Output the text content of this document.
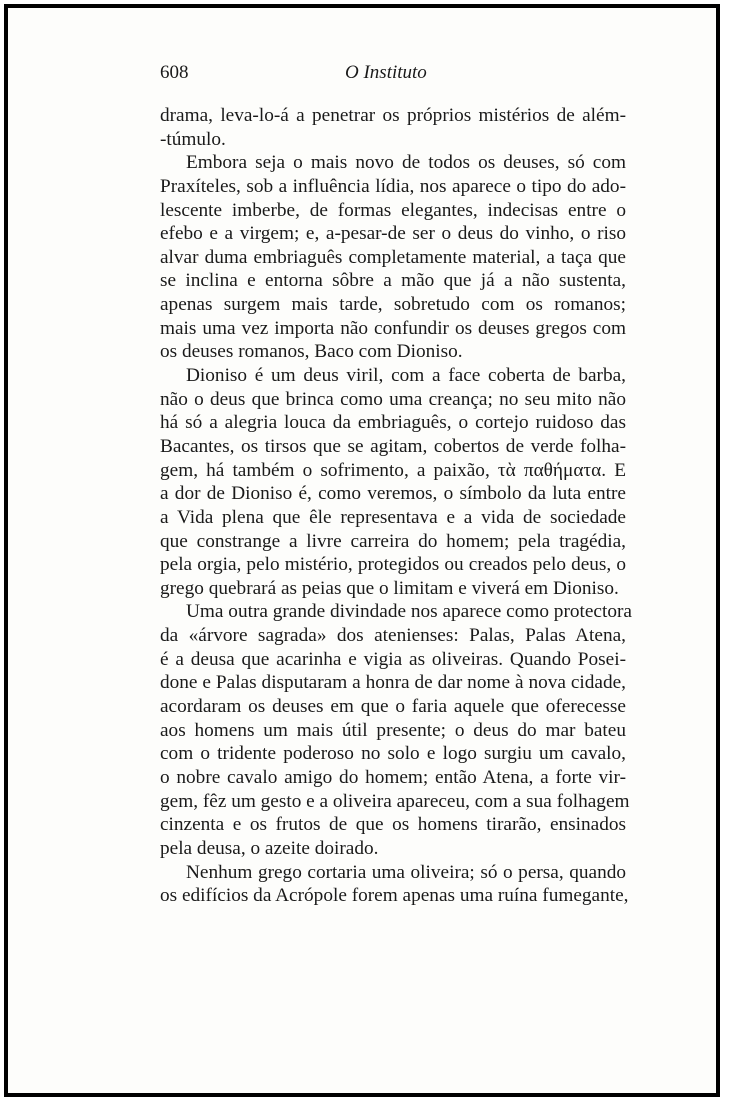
608	O Instituto
drama, leva-lo-á a penetrar os próprios mistérios de além-
-túmulo.
Embora seja o mais novo de todos os deuses, só com
Praxíteles, sob a influência lídia, nos aparece o tipo do ado-
lescente imberbe, de formas elegantes, indecisas entre o
efebo e a virgem; e, a-pesar-de ser o deus do vinho, o riso
alvar duma embriaguês completamente material, a taça que
se inclina e entorna sôbre a mão que já a não sustenta,
apenas surgem mais tarde, sobretudo com os romanos;
mais uma vez importa não confundir os deuses gregos com
os deuses romanos, Baco com Dioniso.
Dioniso é um deus viril, com a face coberta de barba,
não o deus que brinca como uma creança; no seu mito não
há só a alegria louca da embriaguês, o cortejo ruidoso das
Bacantes, os tirsos que se agitam, cobertos de verde folha-
gem, há também o sofrimento, a paixão, τὰ παθήματα. E
a dor de Dioniso é, como veremos, o símbolo da luta entre
a Vida plena que êle representava e a vida de sociedade
que constrange a livre carreira do homem; pela tragédia,
pela orgia, pelo mistério, protegidos ou creados pelo deus, o
grego quebrará as peias que o limitam e viverá em Dioniso.
Uma outra grande divindade nos aparece como protectora
da «árvore sagrada» dos atenienses: Palas, Palas Atena,
é a deusa que acarinha e vigia as oliveiras. Quando Posei-
done e Palas disputaram a honra de dar nome à nova cidade,
acordaram os deuses em que o faria aquele que oferecesse
aos homens um mais útil presente; o deus do mar bateu
com o tridente poderoso no solo e logo surgiu um cavalo,
o nobre cavalo amigo do homem; então Atena, a forte vir-
gem, fêz um gesto e a oliveira apareceu, com a sua folhagem
cinzenta e os frutos de que os homens tirarão, ensinados
pela deusa, o azeite doirado.
Nenhum grego cortaria uma oliveira; só o persa, quando
os edifícios da Acrópole forem apenas uma ruína fumegante,
